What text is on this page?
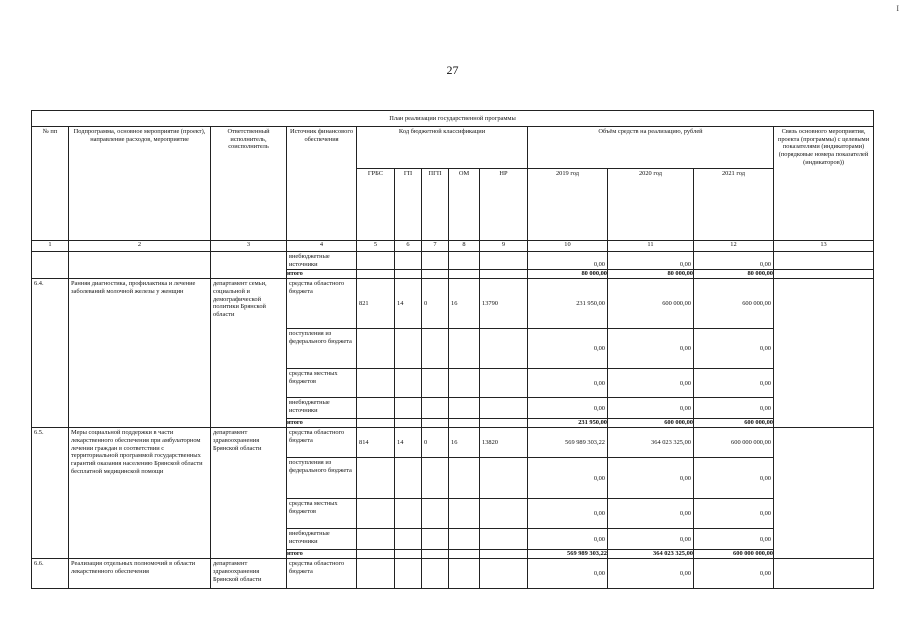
I
27
План реализации государственной программы												
№ пп	Подпрограмма, основное мероприятие (проект), направление расходов, мероприятие	Ответственный исполнитель, соисполнитель	Источник финансового обеспечения	Код бюджетной классификации					Объём средств на реализацию, рублей			Связь основного мероприятия, проекта (программы) с целевыми показателями (индикаторами) (порядковые номера показателей (индикаторов))
				ГРБС	ГП	ПГП	ОМ	НР	2019 год	2020 год	2021 год	
1	2	3	4	5	6	7	8	9	10	11	12	13
			внебюджетные источники						0,00	0,00	0,00	
			итого						80 000,00	80 000,00	80 000,00	
6.4.	Ранняя диагностика, профилактика и лечение заболеваний молочной железы у женщин	департамент семьи, социальной и демографической политики Брянской области	средства областного бюджета	821	14	0	16	13790	231 950,00	600 000,00	600 000,00	
			поступления из федерального бюджета						0,00	0,00	0,00	
			средства местных бюджетов						0,00	0,00	0,00	
			внебюджетные источники						0,00	0,00	0,00	
			итого						231 950,00	600 000,00	600 000,00	
6.5.	Меры социальной поддержки в части лекарственного обеспечения при амбулаторном лечении граждан в соответствии с территориальной программой государственных гарантий оказания населению Брянской области бесплатной медицинской помощи	департамент здравоохранения Брянской области	средства областного бюджета	814	14	0	16	13820	569 989 303,22	364 023 325,00	600 000 000,00	
			поступления из федерального бюджета						0,00	0,00	0,00	
			средства местных бюджетов						0,00	0,00	0,00	
			внебюджетные источники						0,00	0,00	0,00	
			итого						569 989 303,22	364 023 325,00	600 000 000,00	
6.6.	Реализация отдельных полномочий в области лекарственного обеспечения	департамент здравоохранения Брянской области	средства областного бюджета						0,00	0,00	0,00	
